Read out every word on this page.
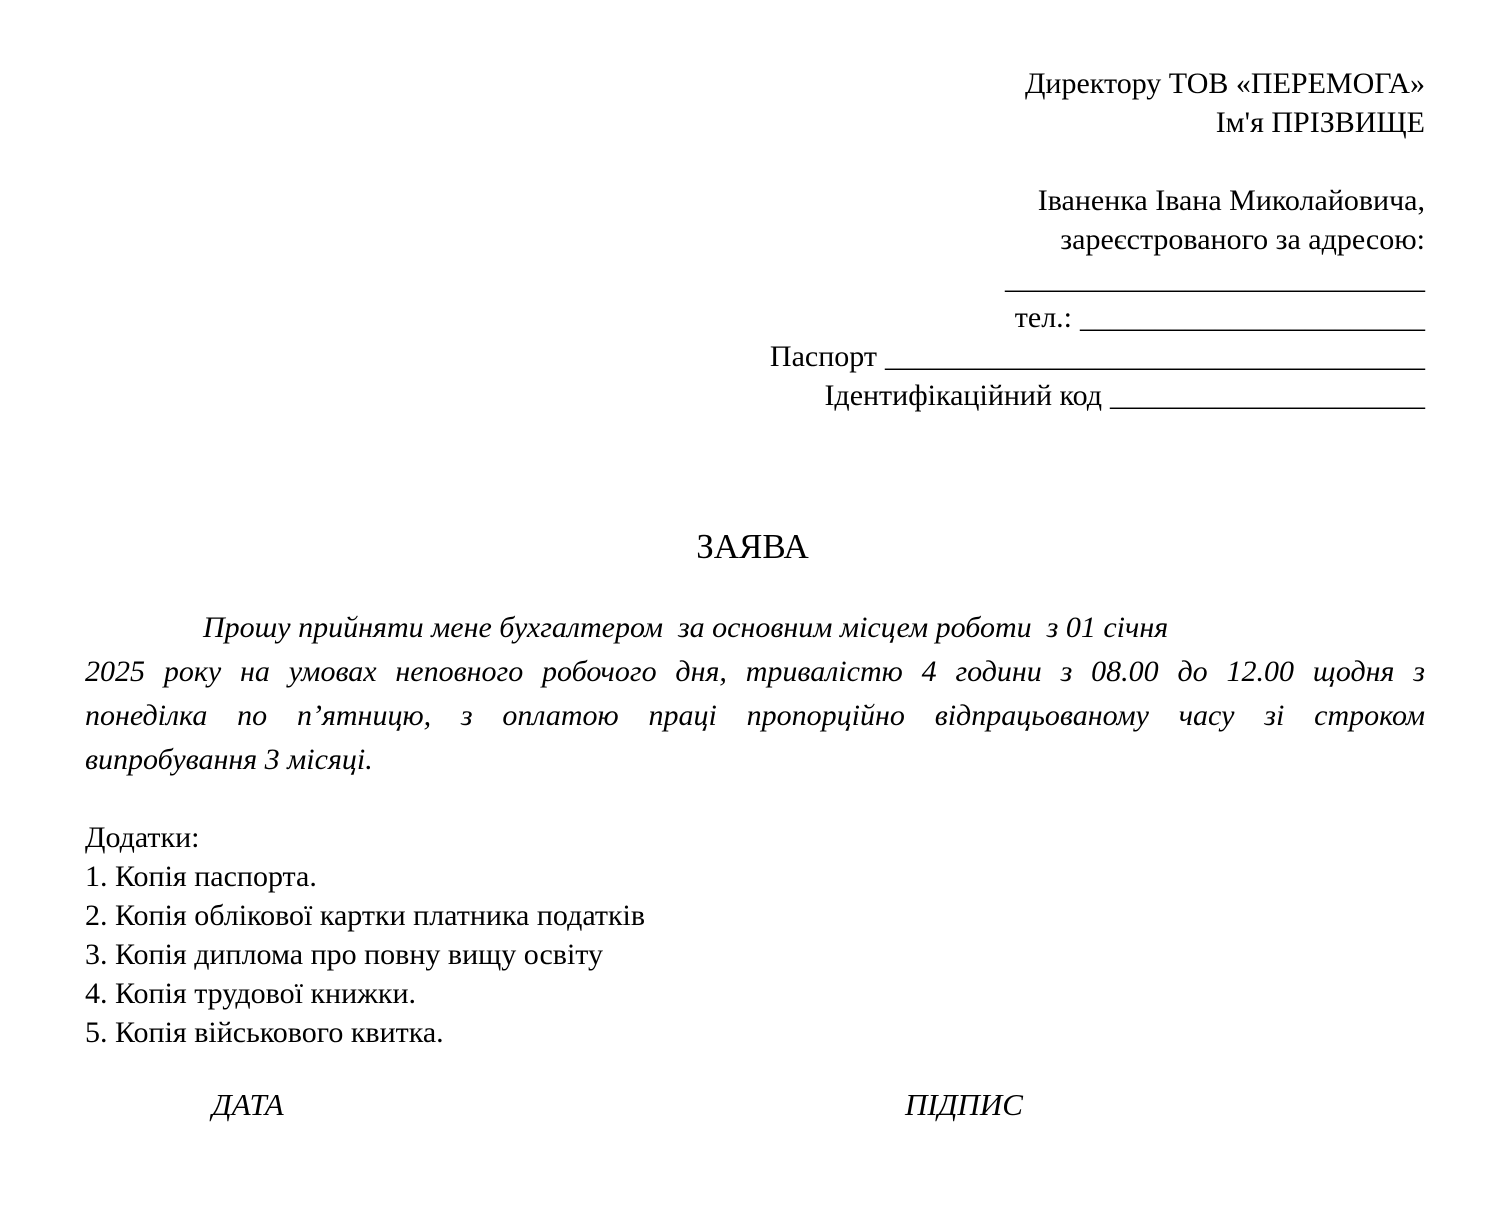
Директору ТОВ «ПЕРЕМОГА»
Ім'я ПРІЗВИЩЕ
Іваненка Івана Миколайовича,
зареєстрованого за адресою:
____________________________
тел.: _______________________
Паспорт ____________________________________
Ідентифікаційний код _____________________
ЗАЯВА
Прошу прийняти мене бухгалтером  за основним місцем роботи  з 01 січня
2025 року на умовах неповного робочого дня, тривалістю 4 години з 08.00 до 12.00 щодня з
понеділка по п’ятницю, з оплатою праці пропорційно відпрацьованому часу зі строком
випробування 3 місяці.
Додатки:
1. Копія паспорта.
2. Копія облікової картки платника податків
3. Копія диплома про повну вищу освіту
4. Копія трудової книжки.
5. Копія військового квитка.
ДАТА	ПІДПИС
